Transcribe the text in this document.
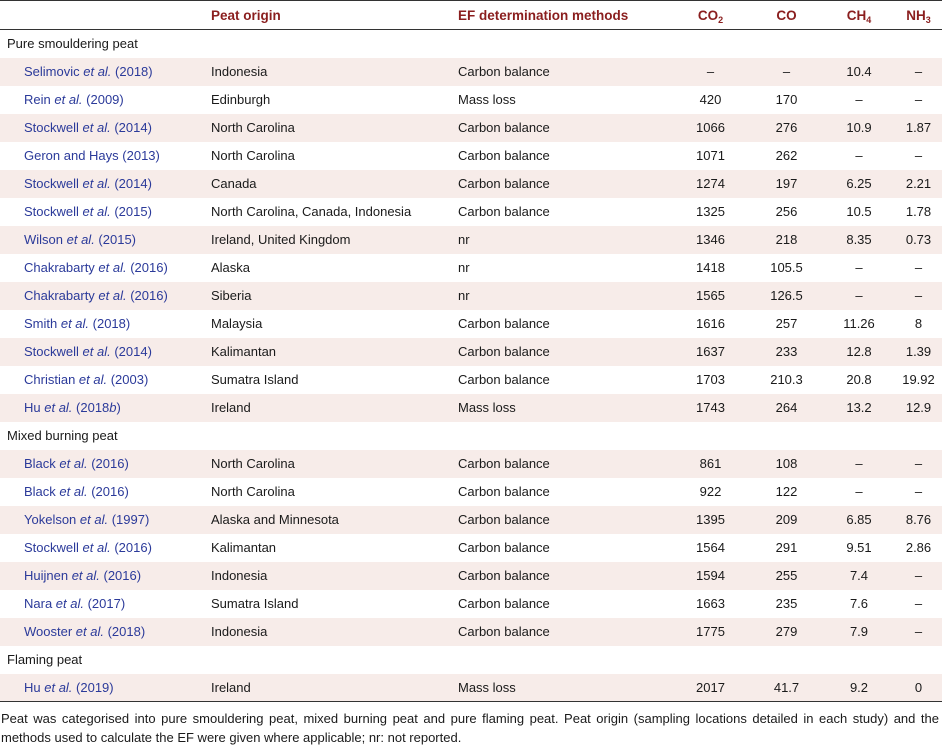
	Peat origin	EF determination methods	$CO_2$	CO	$CH_4$	$NH_3$
Pure smouldering peat						
Selimovic et al. (2018)	Indonesia	Carbon balance	–	–	10.4	–
Rein et al. (2009)	Edinburgh	Mass loss	420	170	–	–
Stockwell et al. (2014)	North Carolina	Carbon balance	1066	276	10.9	1.87
Geron and Hays (2013)	North Carolina	Carbon balance	1071	262	–	–
Stockwell et al. (2014)	Canada	Carbon balance	1274	197	6.25	2.21
Stockwell et al. (2015)	North Carolina, Canada, Indonesia	Carbon balance	1325	256	10.5	1.78
Wilson et al. (2015)	Ireland, United Kingdom	nr	1346	218	8.35	0.73
Chakrabarty et al. (2016)	Alaska	nr	1418	105.5	–	–
Chakrabarty et al. (2016)	Siberia	nr	1565	126.5	–	–
Smith et al. (2018)	Malaysia	Carbon balance	1616	257	11.26	8
Stockwell et al. (2014)	Kalimantan	Carbon balance	1637	233	12.8	1.39
Christian et al. (2003)	Sumatra Island	Carbon balance	1703	210.3	20.8	19.92
Hu et al. (2018b)	Ireland	Mass loss	1743	264	13.2	12.9
Mixed burning peat						
Black et al. (2016)	North Carolina	Carbon balance	861	108	–	–
Black et al. (2016)	North Carolina	Carbon balance	922	122	–	–
Yokelson et al. (1997)	Alaska and Minnesota	Carbon balance	1395	209	6.85	8.76
Stockwell et al. (2016)	Kalimantan	Carbon balance	1564	291	9.51	2.86
Huijnen et al. (2016)	Indonesia	Carbon balance	1594	255	7.4	–
Nara et al. (2017)	Sumatra Island	Carbon balance	1663	235	7.6	–
Wooster et al. (2018)	Indonesia	Carbon balance	1775	279	7.9	–
Flaming peat						
Hu et al. (2019)	Ireland	Mass loss	2017	41.7	9.2	0
Peat was categorised into pure smouldering peat, mixed burning peat and pure flaming peat. Peat origin (sampling locations detailed in each study) and the methods used to calculate the EF were given where applicable; nr: not reported.
